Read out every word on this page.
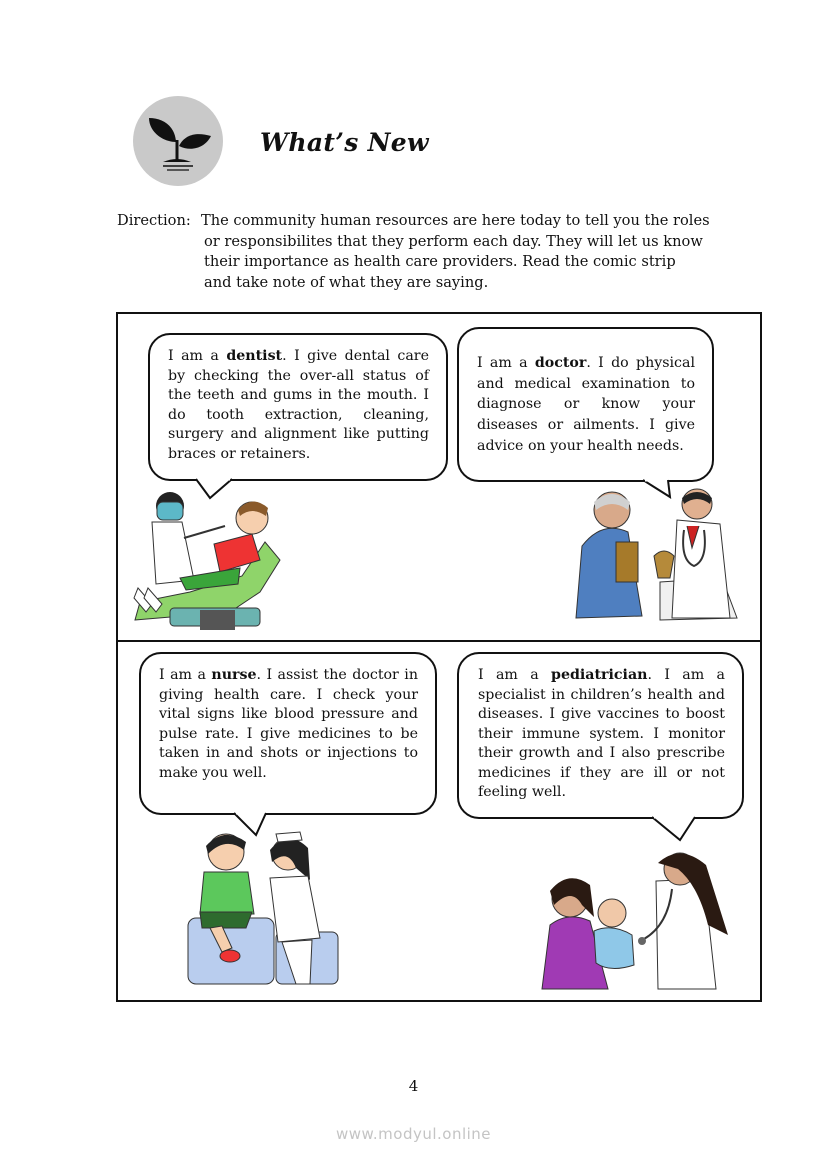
What’s New
Direction: The community human resources are here today to tell you the roles
or responsibilites that they perform each day. They will let us know
their importance as health care providers. Read the comic strip
and take note of what they are saying.
I am a dentist. I give dental care by checking the over-all status of the teeth and gums in the mouth. I do tooth extraction, cleaning, surgery and alignment like putting braces or retainers.
I am a doctor. I do physical and medical examination to diagnose or know your diseases or ailments. I give advice on your health needs.
I am a nurse. I assist the doctor in giving health care. I check your vital signs like blood pressure and pulse rate. I give medicines to be taken in and shots or injections to make you well.
I am a pediatrician. I am a specialist in children’s health and diseases. I give vaccines to boost their immune system. I monitor their growth and I also prescribe medicines if they are ill or not feeling well.
4
www.modyul.online
